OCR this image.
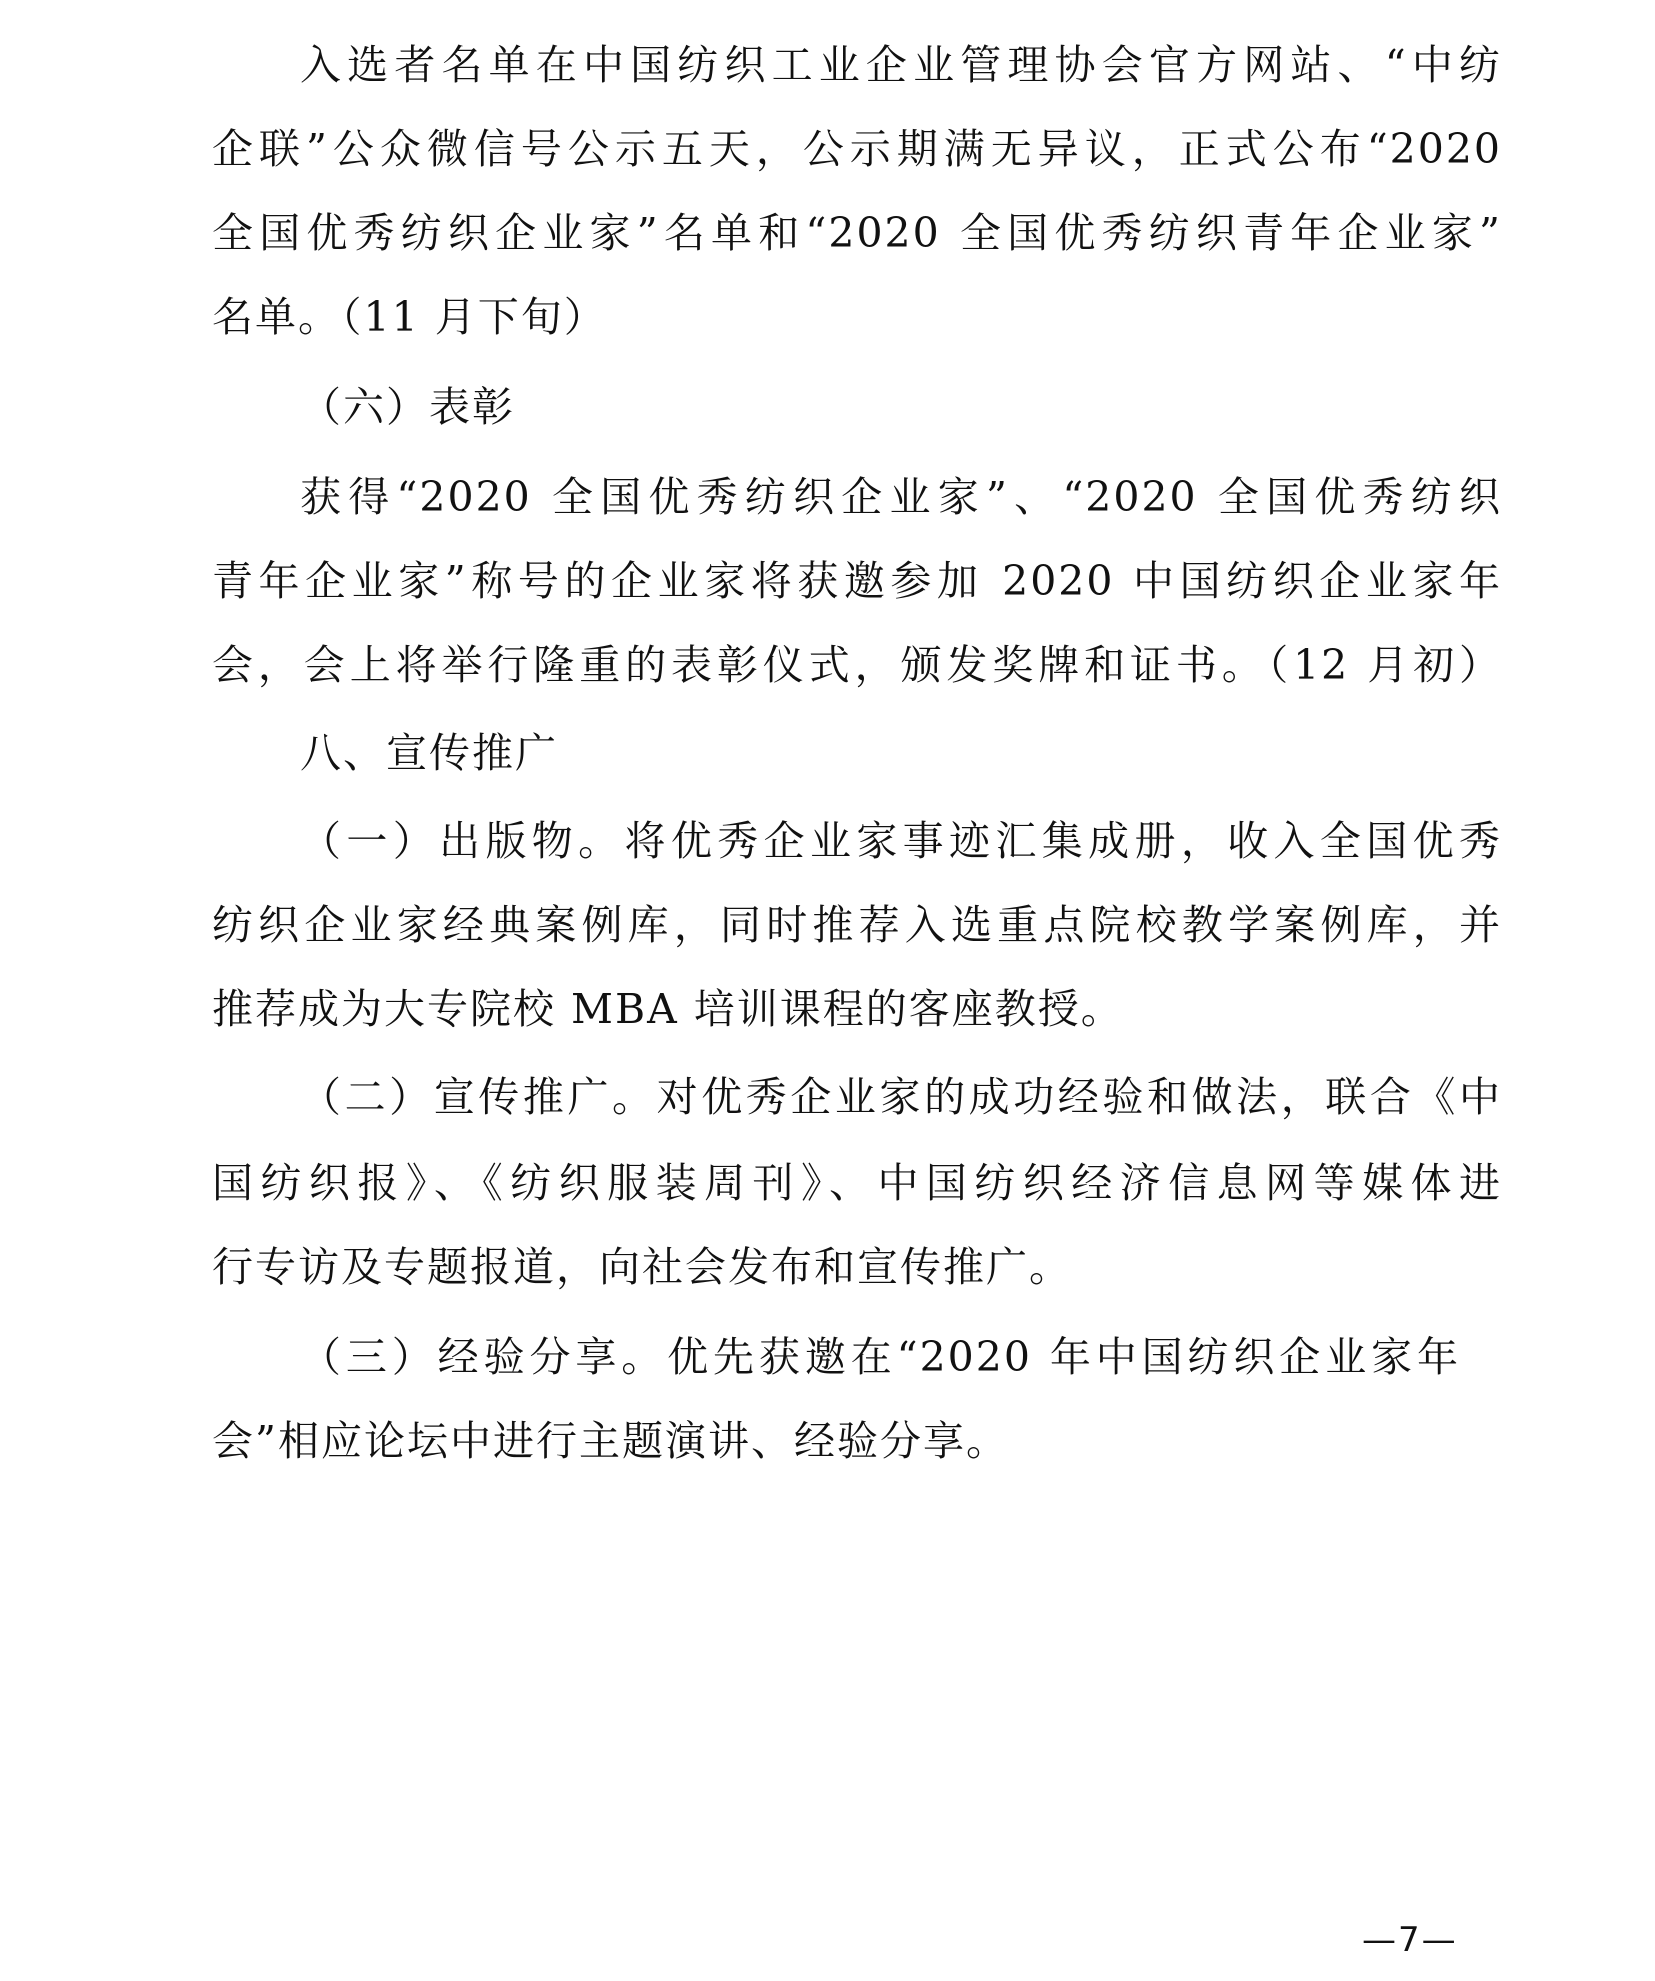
入选者名单在中国纺织工业企业管理协会官方网站、“中纺
企联”公众微信号公示五天，公示期满无异议，正式公布“2020
全国优秀纺织企业家”名单和“2020 全国优秀纺织青年企业家”
名单。（11 月下旬）
（六）表彰
获得“2020 全国优秀纺织企业家”、“2020 全国优秀纺织
青年企业家”称号的企业家将获邀参加 2020 中国纺织企业家年
会，会上将举行隆重的表彰仪式，颁发奖牌和证书。（12 月初）
八、宣传推广
（一）出版物。将优秀企业家事迹汇集成册，收入全国优秀
纺织企业家经典案例库，同时推荐入选重点院校教学案例库，并
推荐成为大专院校 MBA 培训课程的客座教授。
（二）宣传推广。对优秀企业家的成功经验和做法，联合《中
国纺织报》、《纺织服装周刊》、中国纺织经济信息网等媒体进
行专访及专题报道，向社会发布和宣传推广。
（三）经验分享。优先获邀在“2020 年中国纺织企业家年
会”相应论坛中进行主题演讲、经验分享。
—7—
